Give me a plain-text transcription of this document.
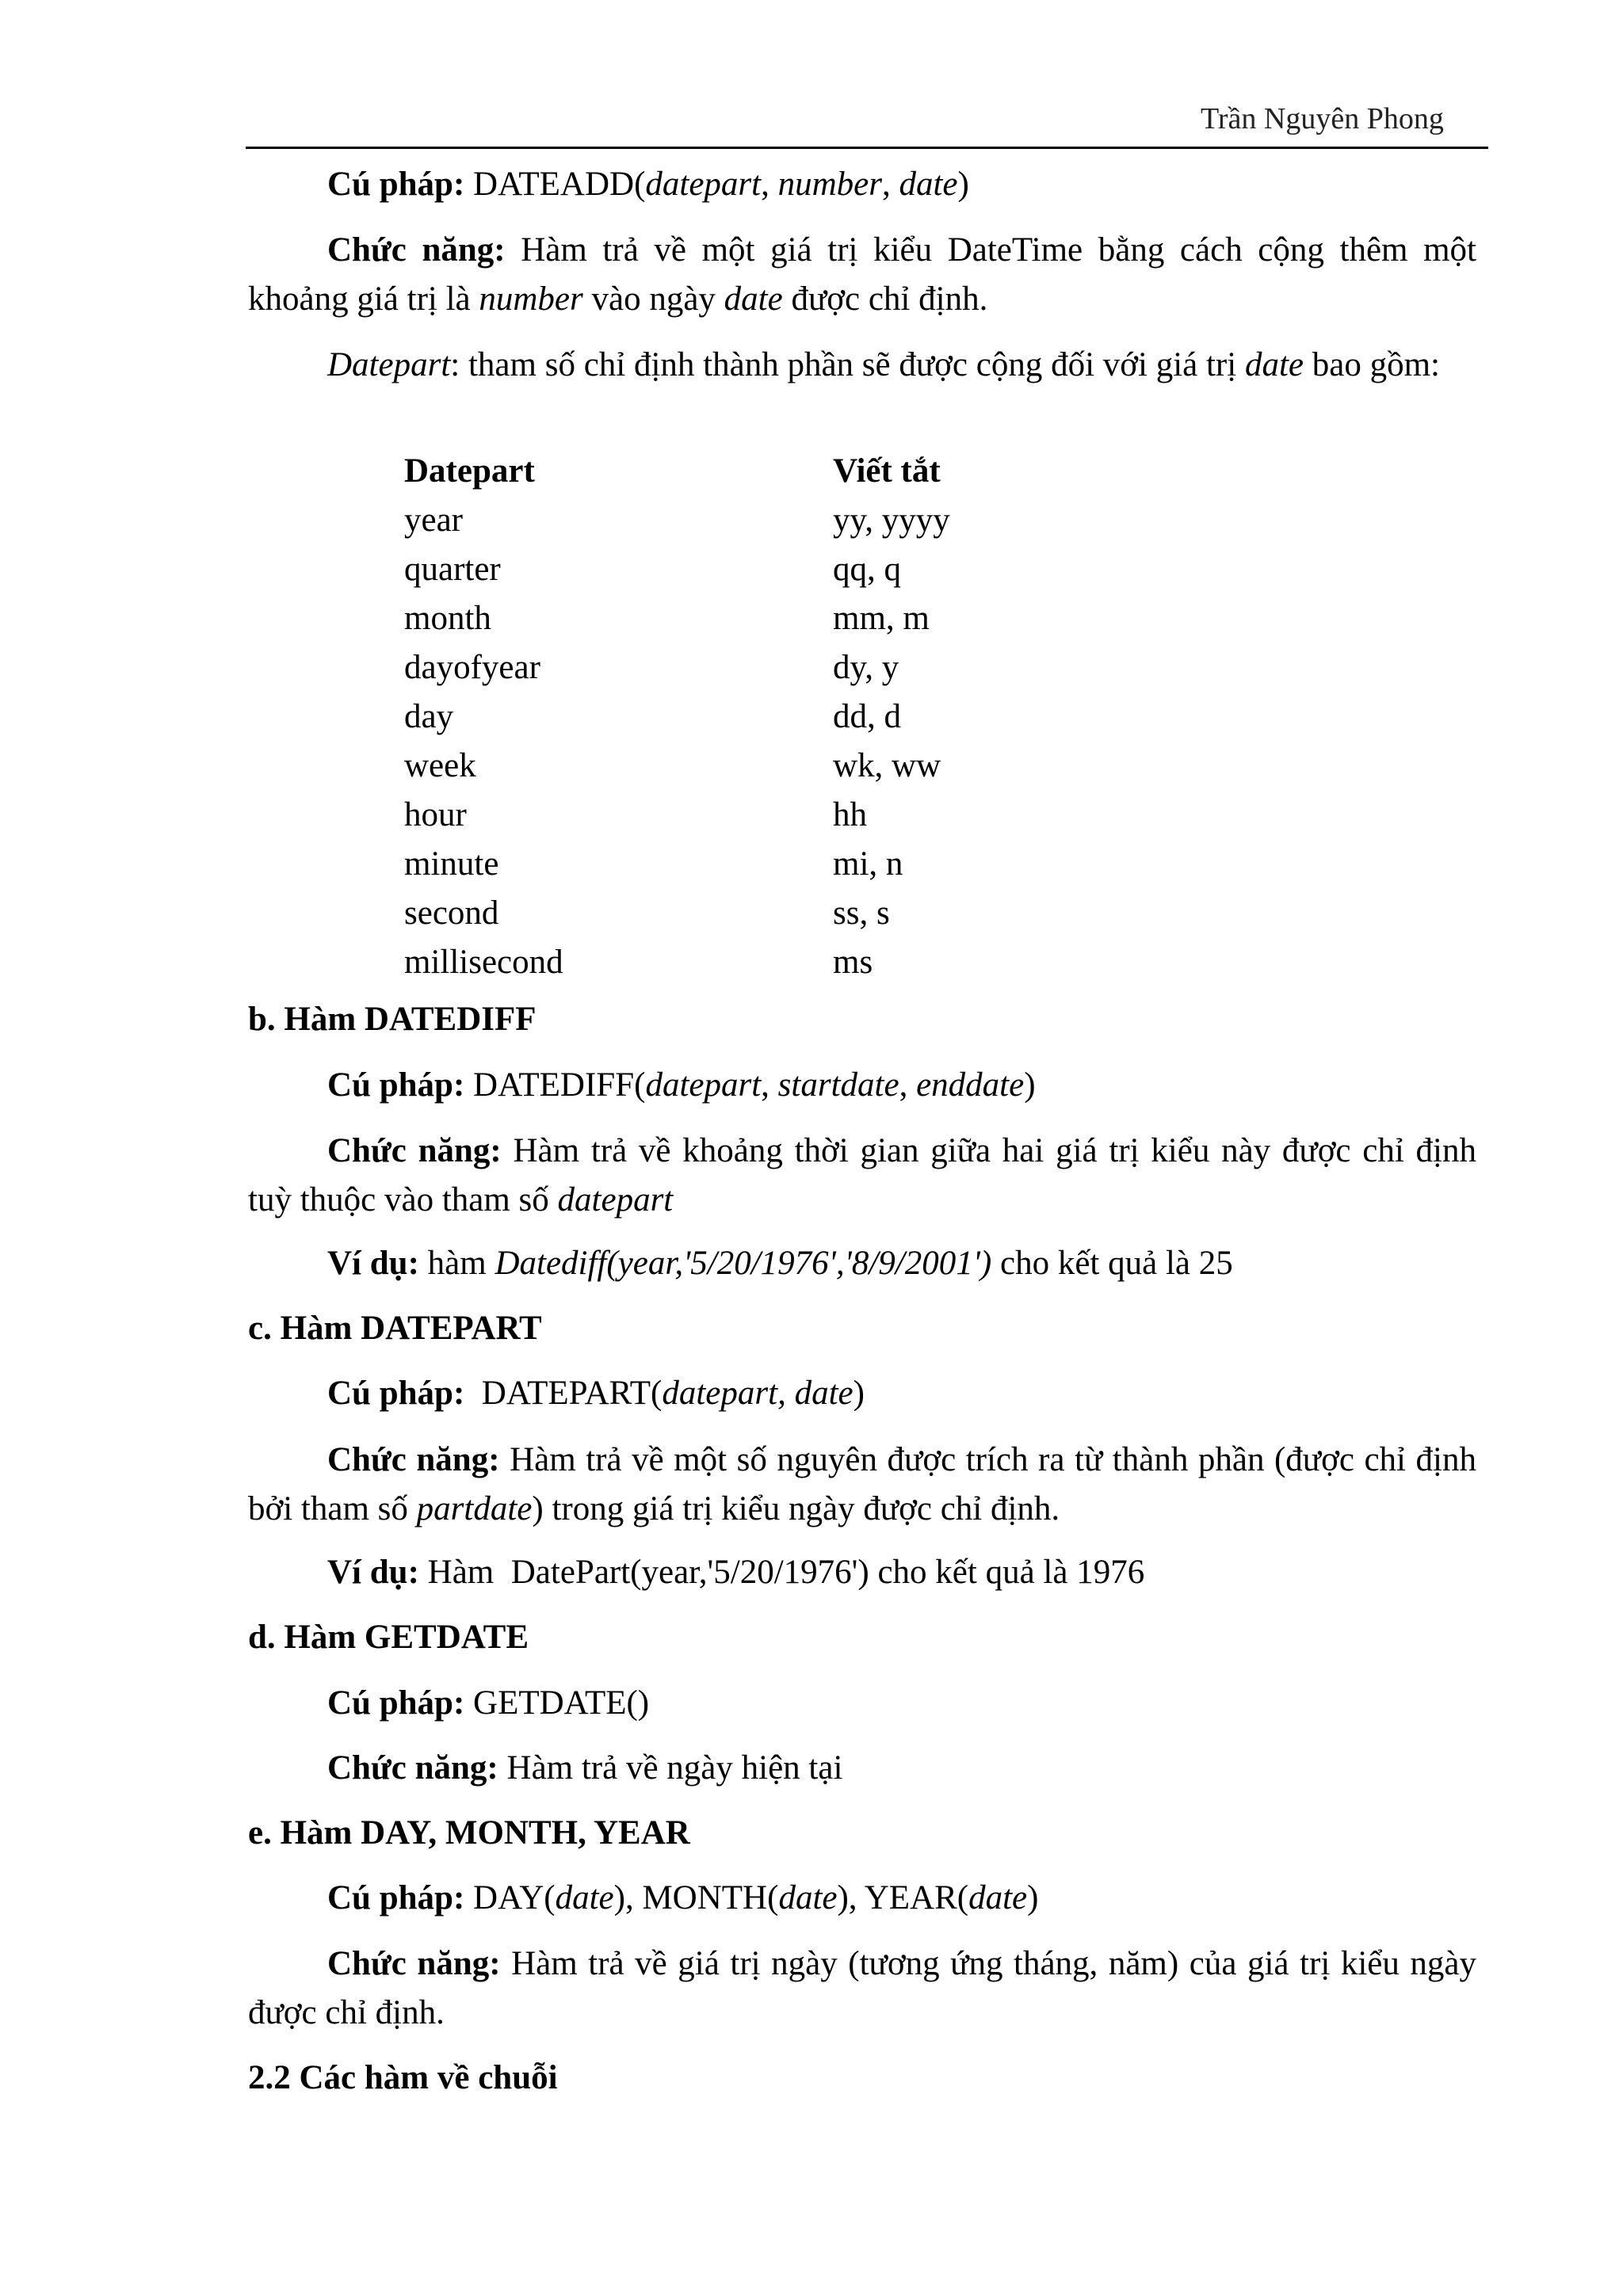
Trần Nguyên Phong
Cú pháp: DATEADD(datepart, number, date)
Chức năng: Hàm trả về một giá trị kiểu DateTime bằng cách cộng thêm một khoảng giá trị là number vào ngày date được chỉ định.
Datepart: tham số chỉ định thành phần sẽ được cộng đối với giá trị date bao gồm:
Datepart	Viết tắt
year	yy, yyyy
quarter	qq, q
month	mm, m
dayofyear	dy, y
day	dd, d
week	wk, ww
hour	hh
minute	mi, n
second	ss, s
millisecond	ms
b. Hàm DATEDIFF
Cú pháp: DATEDIFF(datepart, startdate, enddate)
Chức năng: Hàm trả về khoảng thời gian giữa hai giá trị kiểu này được chỉ định tuỳ thuộc vào tham số datepart
Ví dụ: hàm Datediff(year,'5/20/1976','8/9/2001') cho kết quả là 25
c. Hàm DATEPART
Cú pháp:  DATEPART(datepart, date)
Chức năng: Hàm trả về một số nguyên được trích ra từ thành phần (được chỉ định bởi tham số partdate) trong giá trị kiểu ngày được chỉ định.
Ví dụ: Hàm  DatePart(year,'5/20/1976') cho kết quả là 1976
d. Hàm GETDATE
Cú pháp: GETDATE()
Chức năng: Hàm trả về ngày hiện tại
e. Hàm DAY, MONTH, YEAR
Cú pháp: DAY(date), MONTH(date), YEAR(date)
Chức năng: Hàm trả về giá trị ngày (tương ứng tháng, năm) của giá trị kiểu ngày được chỉ định.
2.2 Các hàm về chuỗi
